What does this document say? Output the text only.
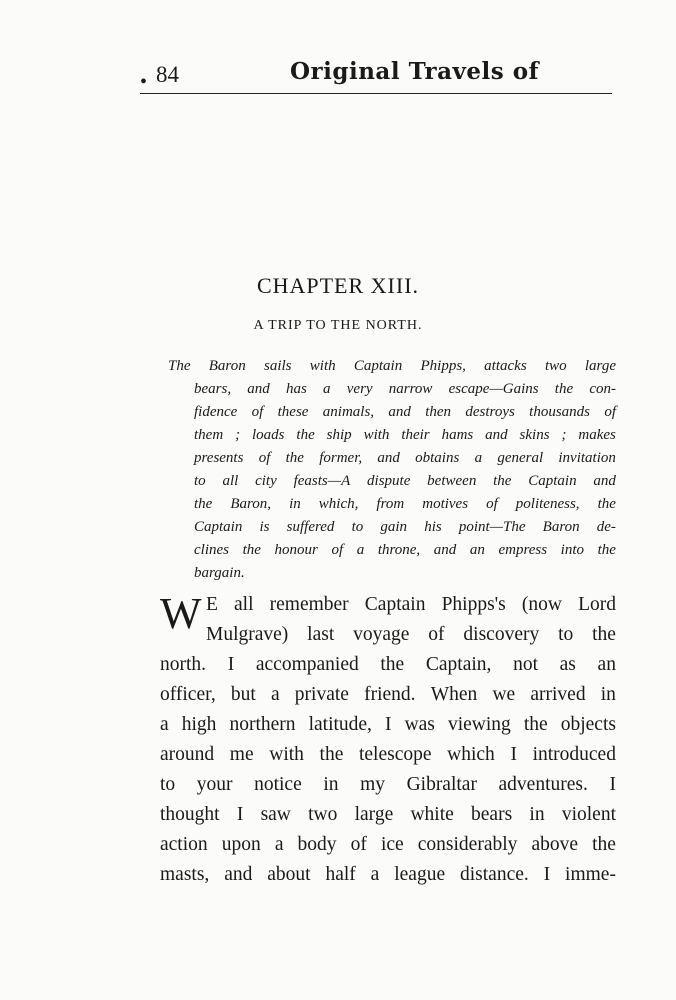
• 84	Original Travels of
CHAPTER XIII.
A TRIP TO THE NORTH.
The Baron sails with Captain Phipps, attacks two large
bears, and has a very narrow escape—Gains the con-
fidence of these animals, and then destroys thousands of
them ; loads the ship with their hams and skins ; makes
presents of the former, and obtains a general invitation
to all city feasts—A dispute between the Captain and
the Baron, in which, from motives of politeness, the
Captain is suffered to gain his point—The Baron de-
clines the honour of a throne, and an empress into the
bargain.
W E all remember Captain Phipps's (now Lord
Mulgrave) last voyage of discovery to the
north. I accompanied the Captain, not as an
officer, but a private friend. When we arrived in
a high northern latitude, I was viewing the objects
around me with the telescope which I introduced
to your notice in my Gibraltar adventures. I
thought I saw two large white bears in violent
action upon a body of ice considerably above the
masts, and about half a league distance. I imme-
